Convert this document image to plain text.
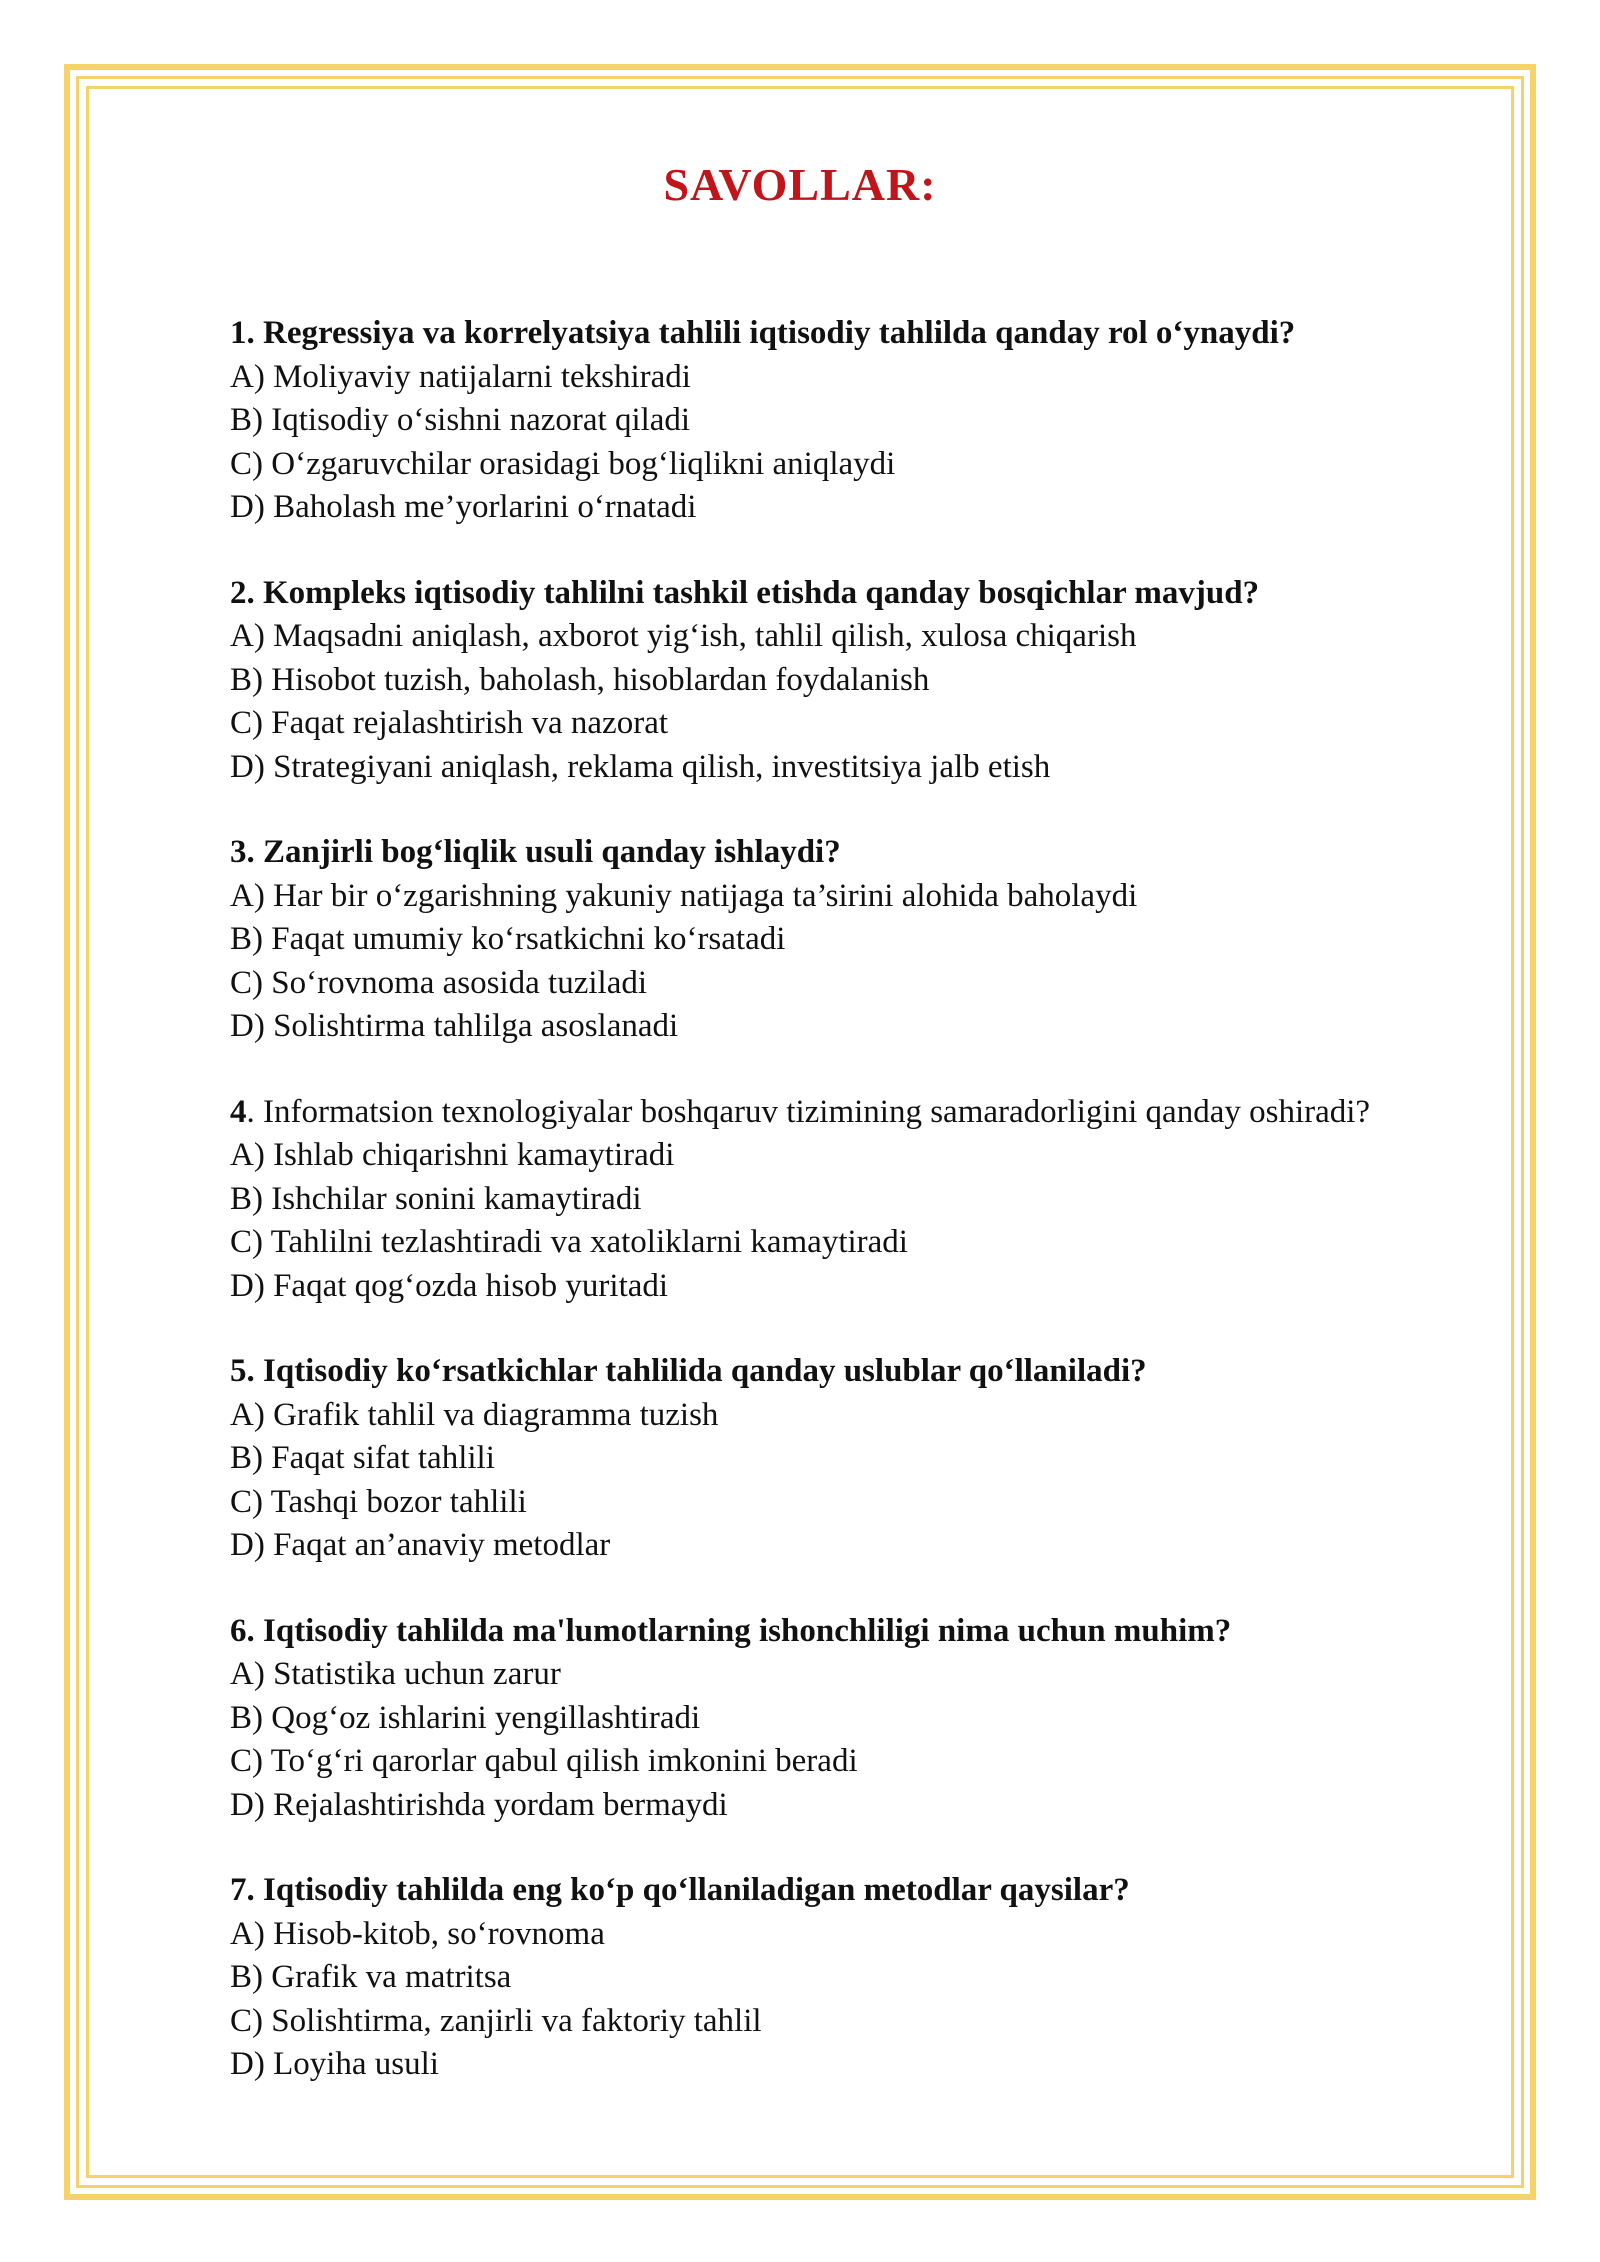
SAVOLLAR:
1. Regressiya va korrelyatsiya tahlili iqtisodiy tahlilda qanday rol o‘ynaydi?
A) Moliyaviy natijalarni tekshiradi
B) Iqtisodiy o‘sishni nazorat qiladi
C) O‘zgaruvchilar orasidagi bog‘liqlikni aniqlaydi
D) Baholash me’yorlarini o‘rnatadi
2. Kompleks iqtisodiy tahlilni tashkil etishda qanday bosqichlar mavjud?
A) Maqsadni aniqlash, axborot yig‘ish, tahlil qilish, xulosa chiqarish
B) Hisobot tuzish, baholash, hisoblardan foydalanish
C) Faqat rejalashtirish va nazorat
D) Strategiyani aniqlash, reklama qilish, investitsiya jalb etish
3. Zanjirli bog‘liqlik usuli qanday ishlaydi?
A) Har bir o‘zgarishning yakuniy natijaga ta’sirini alohida baholaydi
B) Faqat umumiy ko‘rsatkichni ko‘rsatadi
C) So‘rovnoma asosida tuziladi
D) Solishtirma tahlilga asoslanadi
4. Informatsion texnologiyalar boshqaruv tizimining samaradorligini qanday oshiradi?
A) Ishlab chiqarishni kamaytiradi
B) Ishchilar sonini kamaytiradi
C) Tahlilni tezlashtiradi va xatoliklarni kamaytiradi
D) Faqat qog‘ozda hisob yuritadi
5. Iqtisodiy ko‘rsatkichlar tahlilida qanday uslublar qo‘llaniladi?
A) Grafik tahlil va diagramma tuzish
B) Faqat sifat tahlili
C) Tashqi bozor tahlili
D) Faqat an’anaviy metodlar
6. Iqtisodiy tahlilda ma'lumotlarning ishonchliligi nima uchun muhim?
A) Statistika uchun zarur
B) Qog‘oz ishlarini yengillashtiradi
C) To‘g‘ri qarorlar qabul qilish imkonini beradi
D) Rejalashtirishda yordam bermaydi
7. Iqtisodiy tahlilda eng ko‘p qo‘llaniladigan metodlar qaysilar?
A) Hisob-kitob, so‘rovnoma
B) Grafik va matritsa
C) Solishtirma, zanjirli va faktoriy tahlil
D) Loyiha usuli
